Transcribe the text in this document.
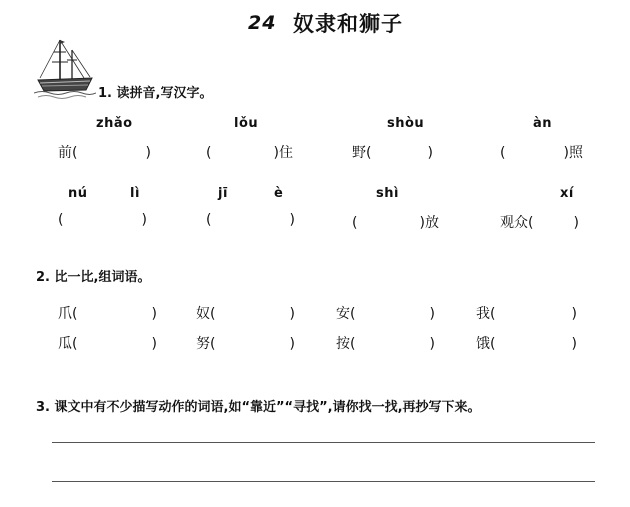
24 奴隶和狮子
1. 读拼音,写汉字。
zhǎo	lǒu	shòu	àn
前(	)	(	)住	野(	)	(	)照
nú	lì	jī	è	shì	xí
(	)	(	)	(	)放	观众(	)
2. 比一比,组词语。
爪(	)	奴(	)	安(	)	我(	)
瓜(	)	努(	)	按(	)	饿(	)
3. 课文中有不少描写动作的词语,如“靠近”“寻找”,请你找一找,再抄写下来。
